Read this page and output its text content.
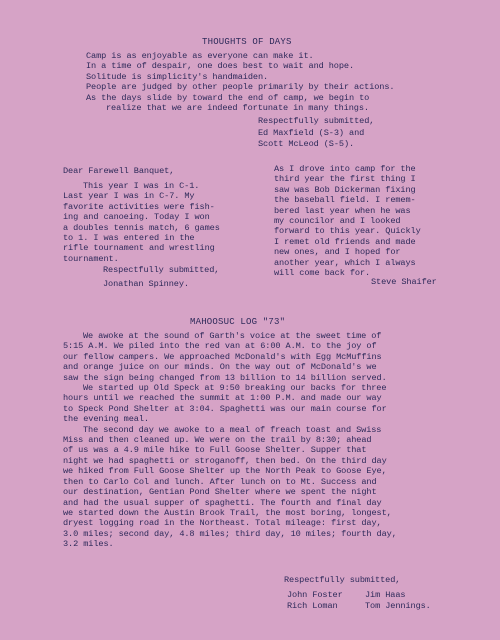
THOUGHTS OF DAYS
Camp is as enjoyable as everyone can make it.
In a time of despair, one does best to wait and hope.
Solitude is simplicity's handmaiden.
People are judged by other people primarily by their actions.
As the days slide by toward the end of camp, we begin to
realize that we are indeed fortunate in many things.
Respectfully submitted,
Ed Maxfield (S-3) and
Scott McLeod (S-5).
Dear Farewell Banquet,
This year I was in C-1.
Last year I was in C-7. My
favorite activities were fish-
ing and canoeing. Today I won
a doubles tennis match, 6 games
to 1. I was entered in the
rifle tournament and wrestling
tournament.
Respectfully submitted,
Jonathan Spinney.
As I drove into camp for the
third year the first thing I
saw was Bob Dickerman fixing
the baseball field. I remem-
bered last year when he was
my councilor and I looked
forward to this year. Quickly
I remet old friends and made
new ones, and I hoped for
another year, which I always
will come back for.
Steve Shaifer
MAHOOSUC LOG "73"
We awoke at the sound of Garth's voice at the sweet time of
5:15 A.M. We piled into the red van at 6:00 A.M. to the joy of
our fellow campers. We approached McDonald's with Egg McMuffins
and orange juice on our minds. On the way out of McDonald's we
saw the sign being changed from 13 billion to 14 billion served.
We started up Old Speck at 9:50 breaking our backs for three
hours until we reached the summit at 1:00 P.M. and made our way
to Speck Pond Shelter at 3:04. Spaghetti was our main course for
the evening meal.
The second day we awoke to a meal of freach toast and Swiss
Miss and then cleaned up. We were on the trail by 8:30; ahead
of us was a 4.9 mile hike to Full Goose Shelter. Supper that
night we had spaghetti or stroganoff, then bed. On the third day
we hiked from Full Goose Shelter up the North Peak to Goose Eye,
then to Carlo Col and lunch. After lunch on to Mt. Success and
our destination, Gentian Pond Shelter where we spent the night
and had the usual supper of spaghetti. The fourth and final day
we started down the Austin Brook Trail, the most boring, longest,
dryest logging road in the Northeast. Total mileage: first day,
3.0 miles; second day, 4.8 miles; third day, 10 miles; fourth day,
3.2 miles.
Respectfully submitted,
John Foster	Jim Haas
Rich Loman	Tom Jennings.
